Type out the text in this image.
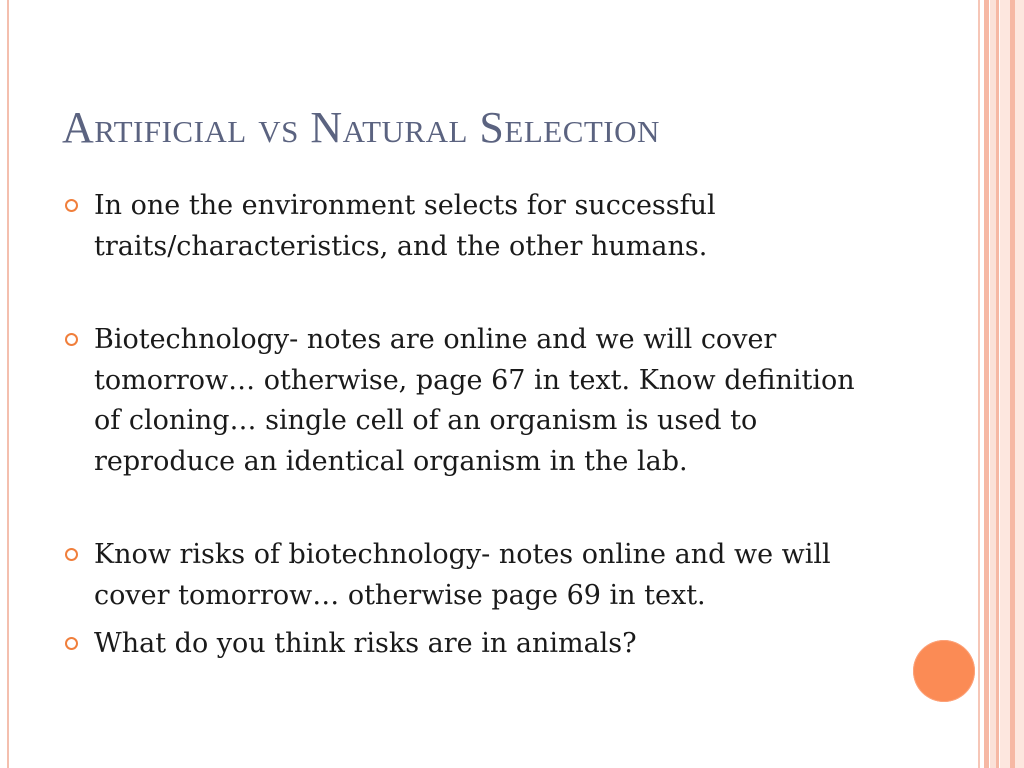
Artificial vs Natural Selection
In one the environment selects for successful traits/characteristics, and the other humans.
Biotechnology- notes are online and we will cover tomorrow… otherwise, page 67 in text. Know definition of cloning… single cell of an organism is used to reproduce an identical organism in the lab.
Know risks of biotechnology- notes online and we will cover tomorrow… otherwise page 69 in text.
What do you think risks are in animals?
